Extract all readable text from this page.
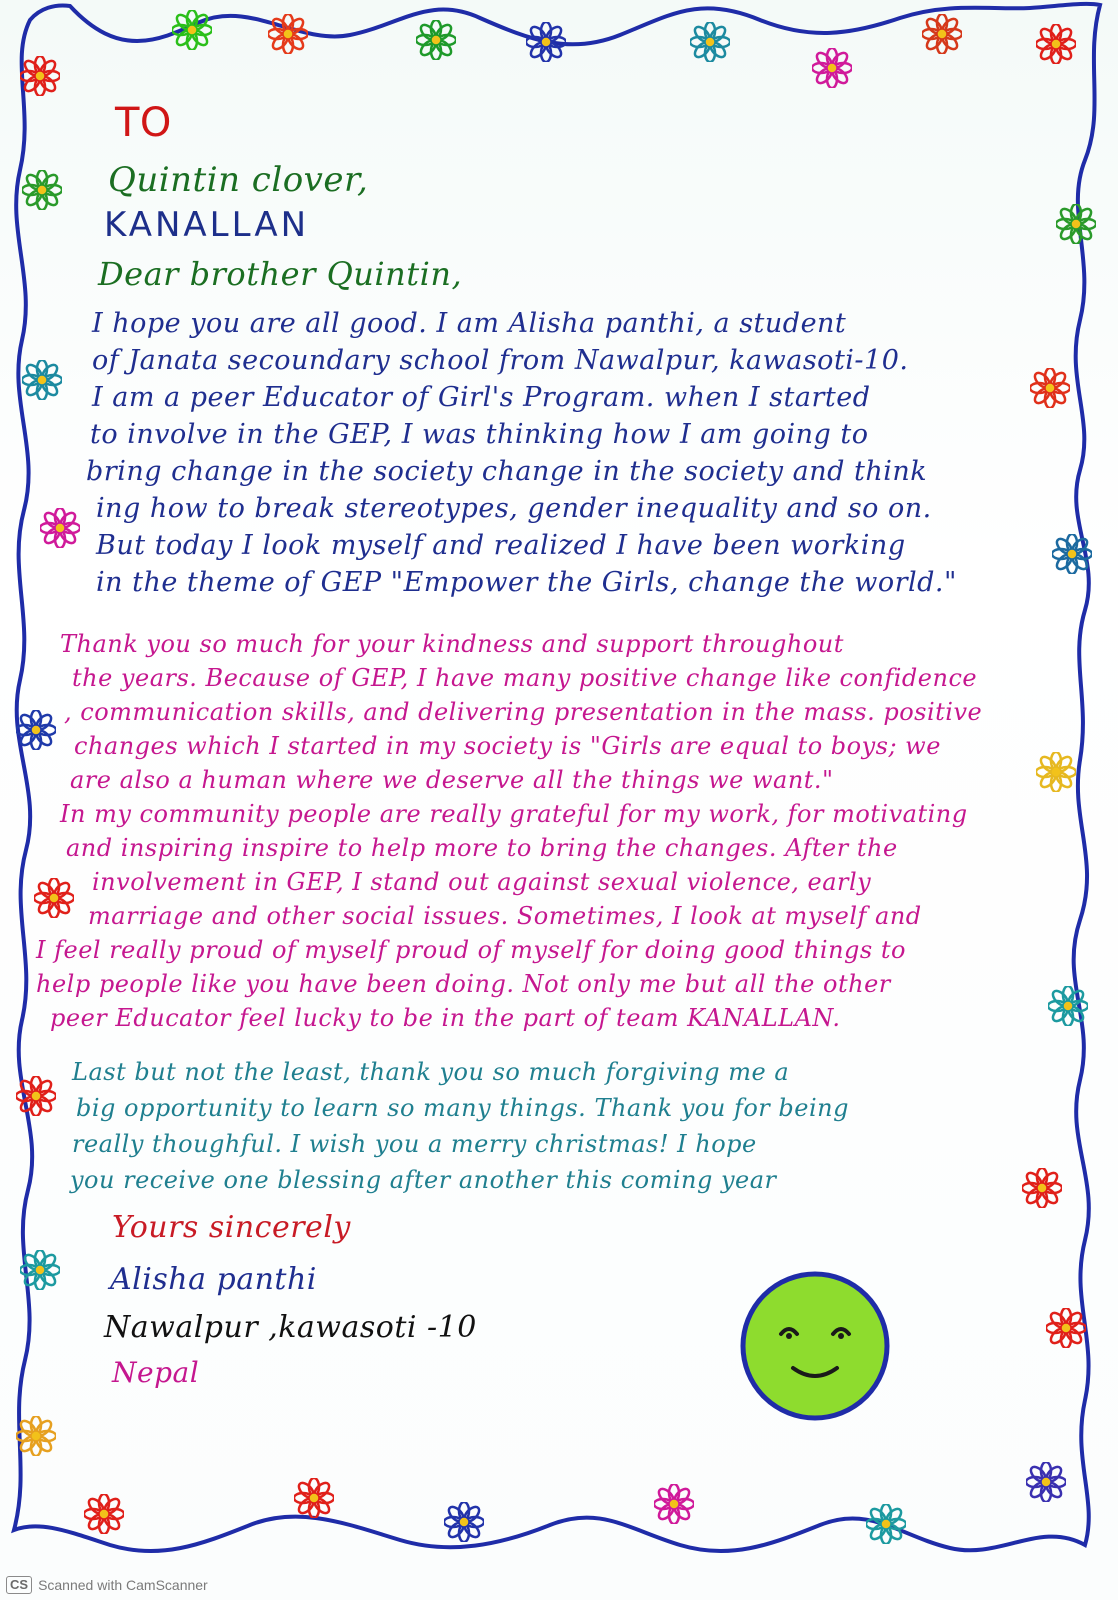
TO
Quintin clover,
KANALLAN
Dear brother Quintin,
I hope you are all good. I am Alisha panthi, a student
of Janata secoundary school from Nawalpur, kawasoti-10.
I am a peer Educator of Girl's Program. when I started
to involve in the GEP, I was thinking how I am going to
bring change in the society change in the society and think
ing how to break stereotypes, gender inequality and so on.
But today I look myself and realized I have been working
in the theme of GEP "Empower the Girls, change the world."
Thank you so much for your kindness and support throughout
the years. Because of GEP, I have many positive change like confidence
, communication skills, and delivering presentation in the mass. positive
changes which I started in my society is "Girls are equal to boys; we
are also a human where we deserve all the things we want."
In my community people are really grateful for my work, for motivating
and inspiring inspire to help more to bring the changes. After the
involvement in GEP, I stand out against sexual violence, early
marriage and other social issues. Sometimes, I look at myself and
I feel really proud of myself proud of myself for doing good things to
help people like you have been doing. Not only me but all the other
peer Educator feel lucky to be in the part of team KANALLAN.
Last but not the least, thank you so much forgiving me a
big opportunity to learn so many things. Thank you for being
really thoughful. I wish you a merry christmas! I hope
you receive one blessing after another this coming year
Yours sincerely
Alisha panthi
Nawalpur ,kawasoti -10
Nepal
CS Scanned with CamScanner
